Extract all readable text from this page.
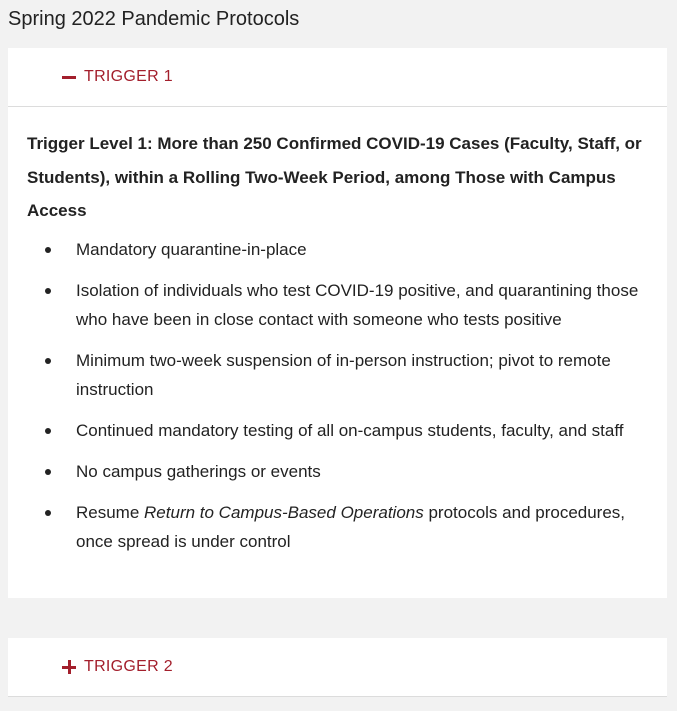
Spring 2022 Pandemic Protocols
TRIGGER 1

Trigger Level 1: More than 250 Confirmed COVID-19 Cases (Faculty, Staff, or Students), within a Rolling Two-Week Period, among Those with Campus Access

Mandatory quarantine-in-place
Isolation of individuals who test COVID-19 positive, and quarantining those who have been in close contact with someone who tests positive
Minimum two-week suspension of in-person instruction; pivot to remote instruction
Continued mandatory testing of all on-campus students, faculty, and staff
No campus gatherings or events
Resume Return to Campus-Based Operations protocols and procedures, once spread is under control
TRIGGER 2
